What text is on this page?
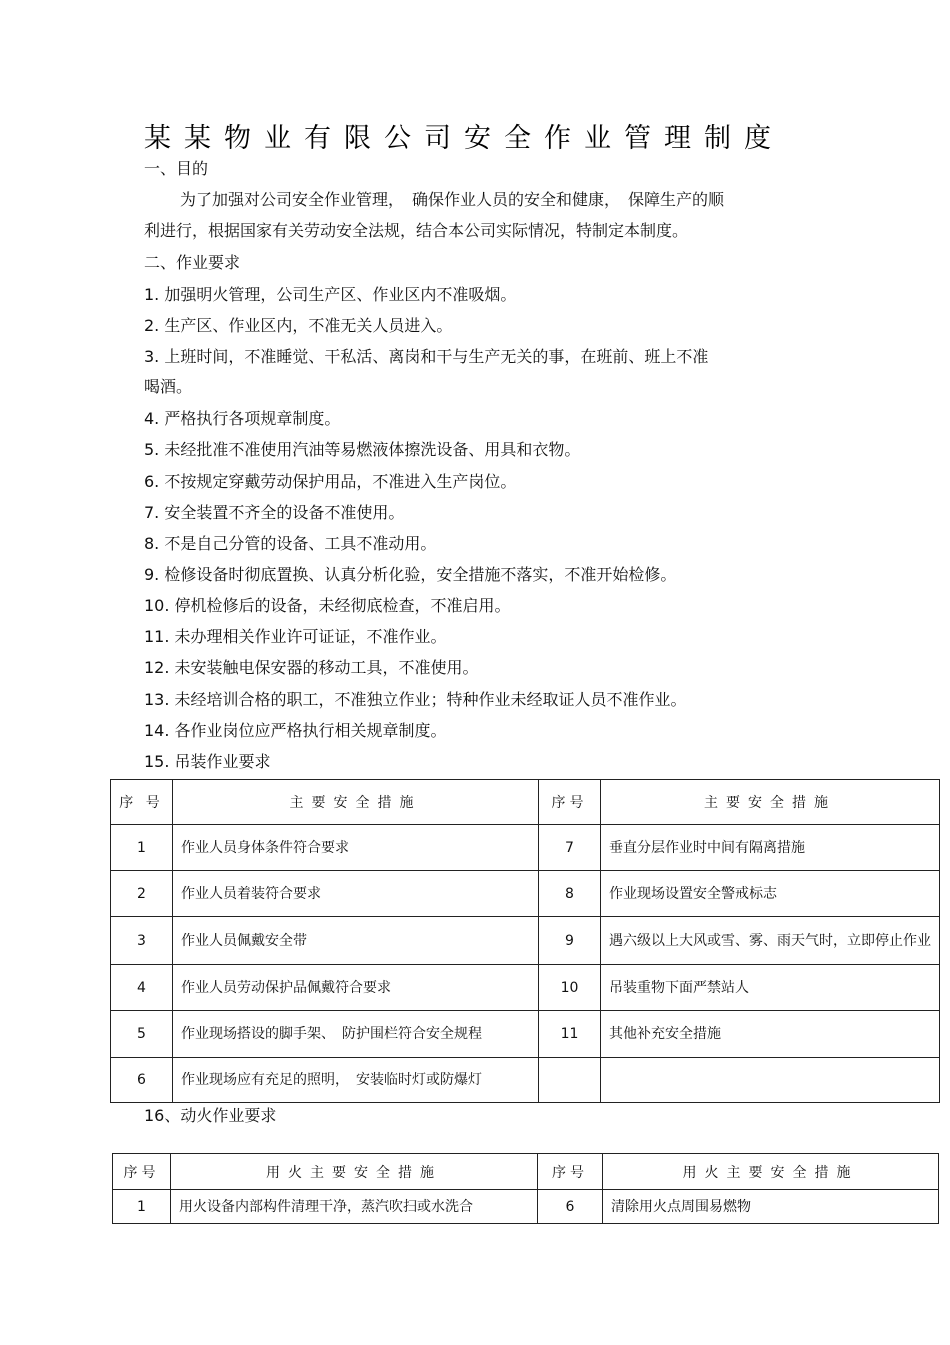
某某物业有限公司安全作业管理制度
一、目的
为了加强对公司安全作业管理，　确保作业人员的安全和健康，　保障生产的顺
利进行，根据国家有关劳动安全法规，结合本公司实际情况，特制定本制度。
二、作业要求
1. 加强明火管理，公司生产区、作业区内不准吸烟。
2. 生产区、作业区内，不准无关人员进入。
3. 上班时间，不准睡觉、干私活、离岗和干与生产无关的事，在班前、班上不准
喝酒。
4. 严格执行各项规章制度。
5. 未经批准不准使用汽油等易燃液体擦洗设备、用具和衣物。
6. 不按规定穿戴劳动保护用品，不准进入生产岗位。
7. 安全装置不齐全的设备不准使用。
8. 不是自己分管的设备、工具不准动用。
9. 检修设备时彻底置换、认真分析化验，安全措施不落实，不准开始检修。
10. 停机检修后的设备，未经彻底检查，不准启用。
11. 未办理相关作业许可证证，不准作业。
12. 未安装触电保安器的移动工具，不准使用。
13. 未经培训合格的职工，不准独立作业；特种作业未经取证人员不准作业。
14. 各作业岗位应严格执行相关规章制度。
15. 吊装作业要求
序 号	主要安全措施	序号	主要安全措施
1	作业人员身体条件符合要求	7	垂直分层作业时中间有隔离措施
2	作业人员着装符合要求	8	作业现场设置安全警戒标志
3	作业人员佩戴安全带	9	遇六级以上大风或雪、雾、雨天气时，立即停止作业
4	作业人员劳动保护品佩戴符合要求	10	吊装重物下面严禁站人
5	作业现场搭设的脚手架、　防护围栏符合安全规程	11	其他补充安全措施
6	作业现场应有充足的照明，　安装临时灯或防爆灯		
16、动火作业要求
序号	用火主要安全措施	序号	用火主要安全措施
1	用火设备内部构件清理干净，蒸汽吹扫或水洗合	6	清除用火点周围易燃物
